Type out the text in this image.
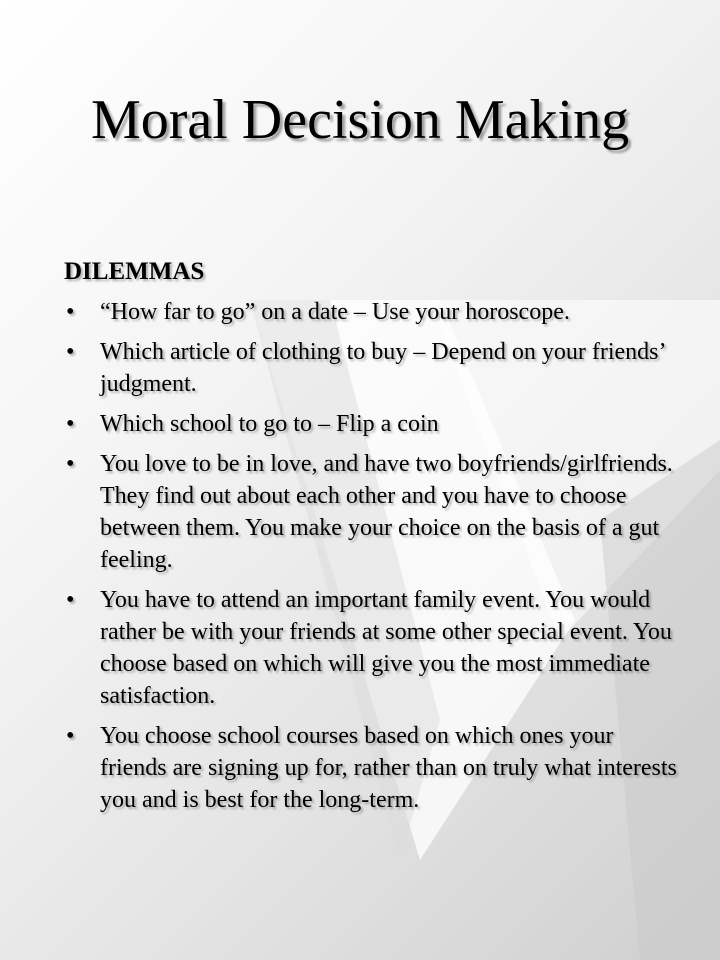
Moral Decision Making
DILEMMAS
•	“How far to go” on a date – Use your horoscope.
•	Which article of clothing to buy – Depend on your friends’ judgment.
•	Which school to go to – Flip a coin
•	You love to be in love, and have two boyfriends/girlfriends. They find out about each other and you have to choose between them. You make your choice on the basis of a gut feeling.
•	You have to attend an important family event. You would rather be with your friends at some other special event. You choose based on which will give you the most immediate satisfaction.
•	You choose school courses based on which ones your friends are signing up for, rather than on truly what interests you and is best for the long-term.
